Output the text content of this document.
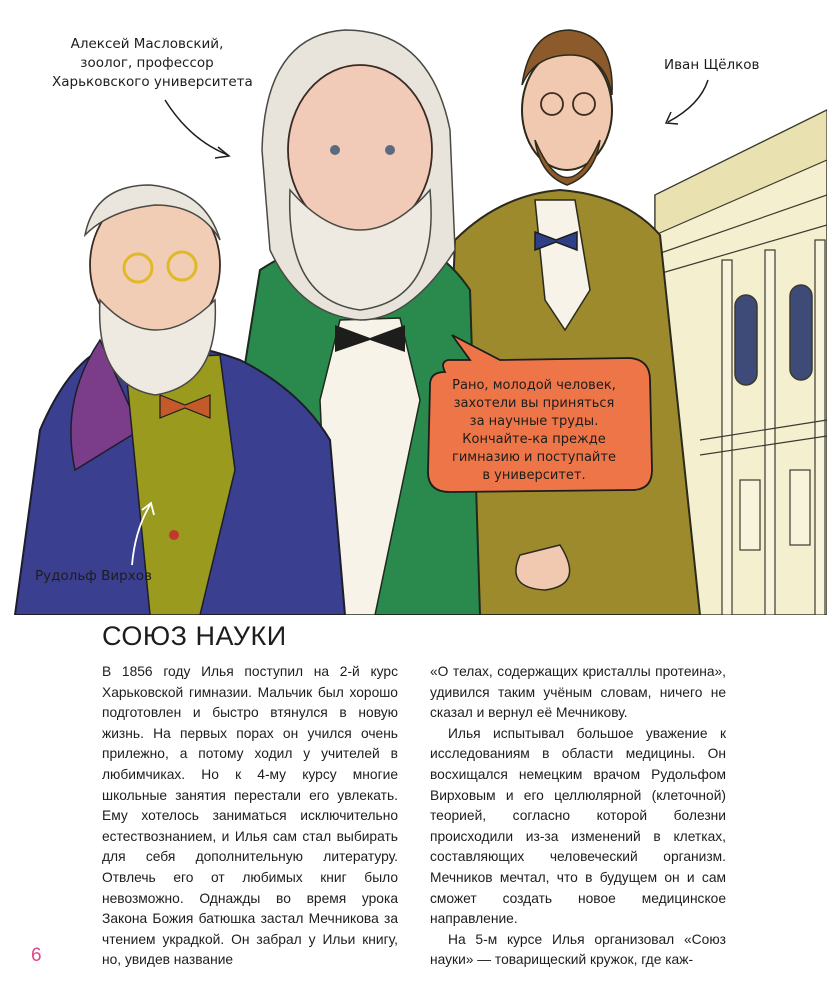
Алексей Масловский,
зоолог, профессор
Харьковского университета

Иван Щёлков

Рудольф Вирхов

Рано, молодой человек,
захотели вы приняться
за научные труды.
Кончайте-ка прежде
гимназию и поступайте
в университет.
СОЮЗ НАУКИ

В 1856 году Илья поступил на 2-й курс Харьковской гимназии. Мальчик был хорошо подготовлен и быстро втянулся в новую жизнь. На первых порах он учился очень прилежно, а потому ходил у учителей в любимчиках. Но к 4-му курсу многие школьные занятия перестали его увлекать. Ему хотелось заниматься исключительно естествознанием, и Илья сам стал выбирать для себя дополнительную литературу. Отвлечь его от любимых книг было невозможно. Однажды во время урока Закона Божия батюшка застал Мечникова за чтением украдкой. Он забрал у Ильи книгу, но, увидев название

«О телах, содержащих кристаллы протеина», удивился таким учёным словам, ничего не сказал и вернул её Мечникову.

Илья испытывал большое уважение к исследованиям в области медицины. Он восхищался немецким врачом Рудольфом Вирховым и его целлюлярной (клеточной) теорией, согласно которой болезни происходили из-за изменений в клетках, составляющих человеческий организм. Мечников мечтал, что в будущем он и сам сможет создать новое медицинское направление.

На 5-м курсе Илья организовал «Союз науки» — товарищеский кружок, где каж-

6
